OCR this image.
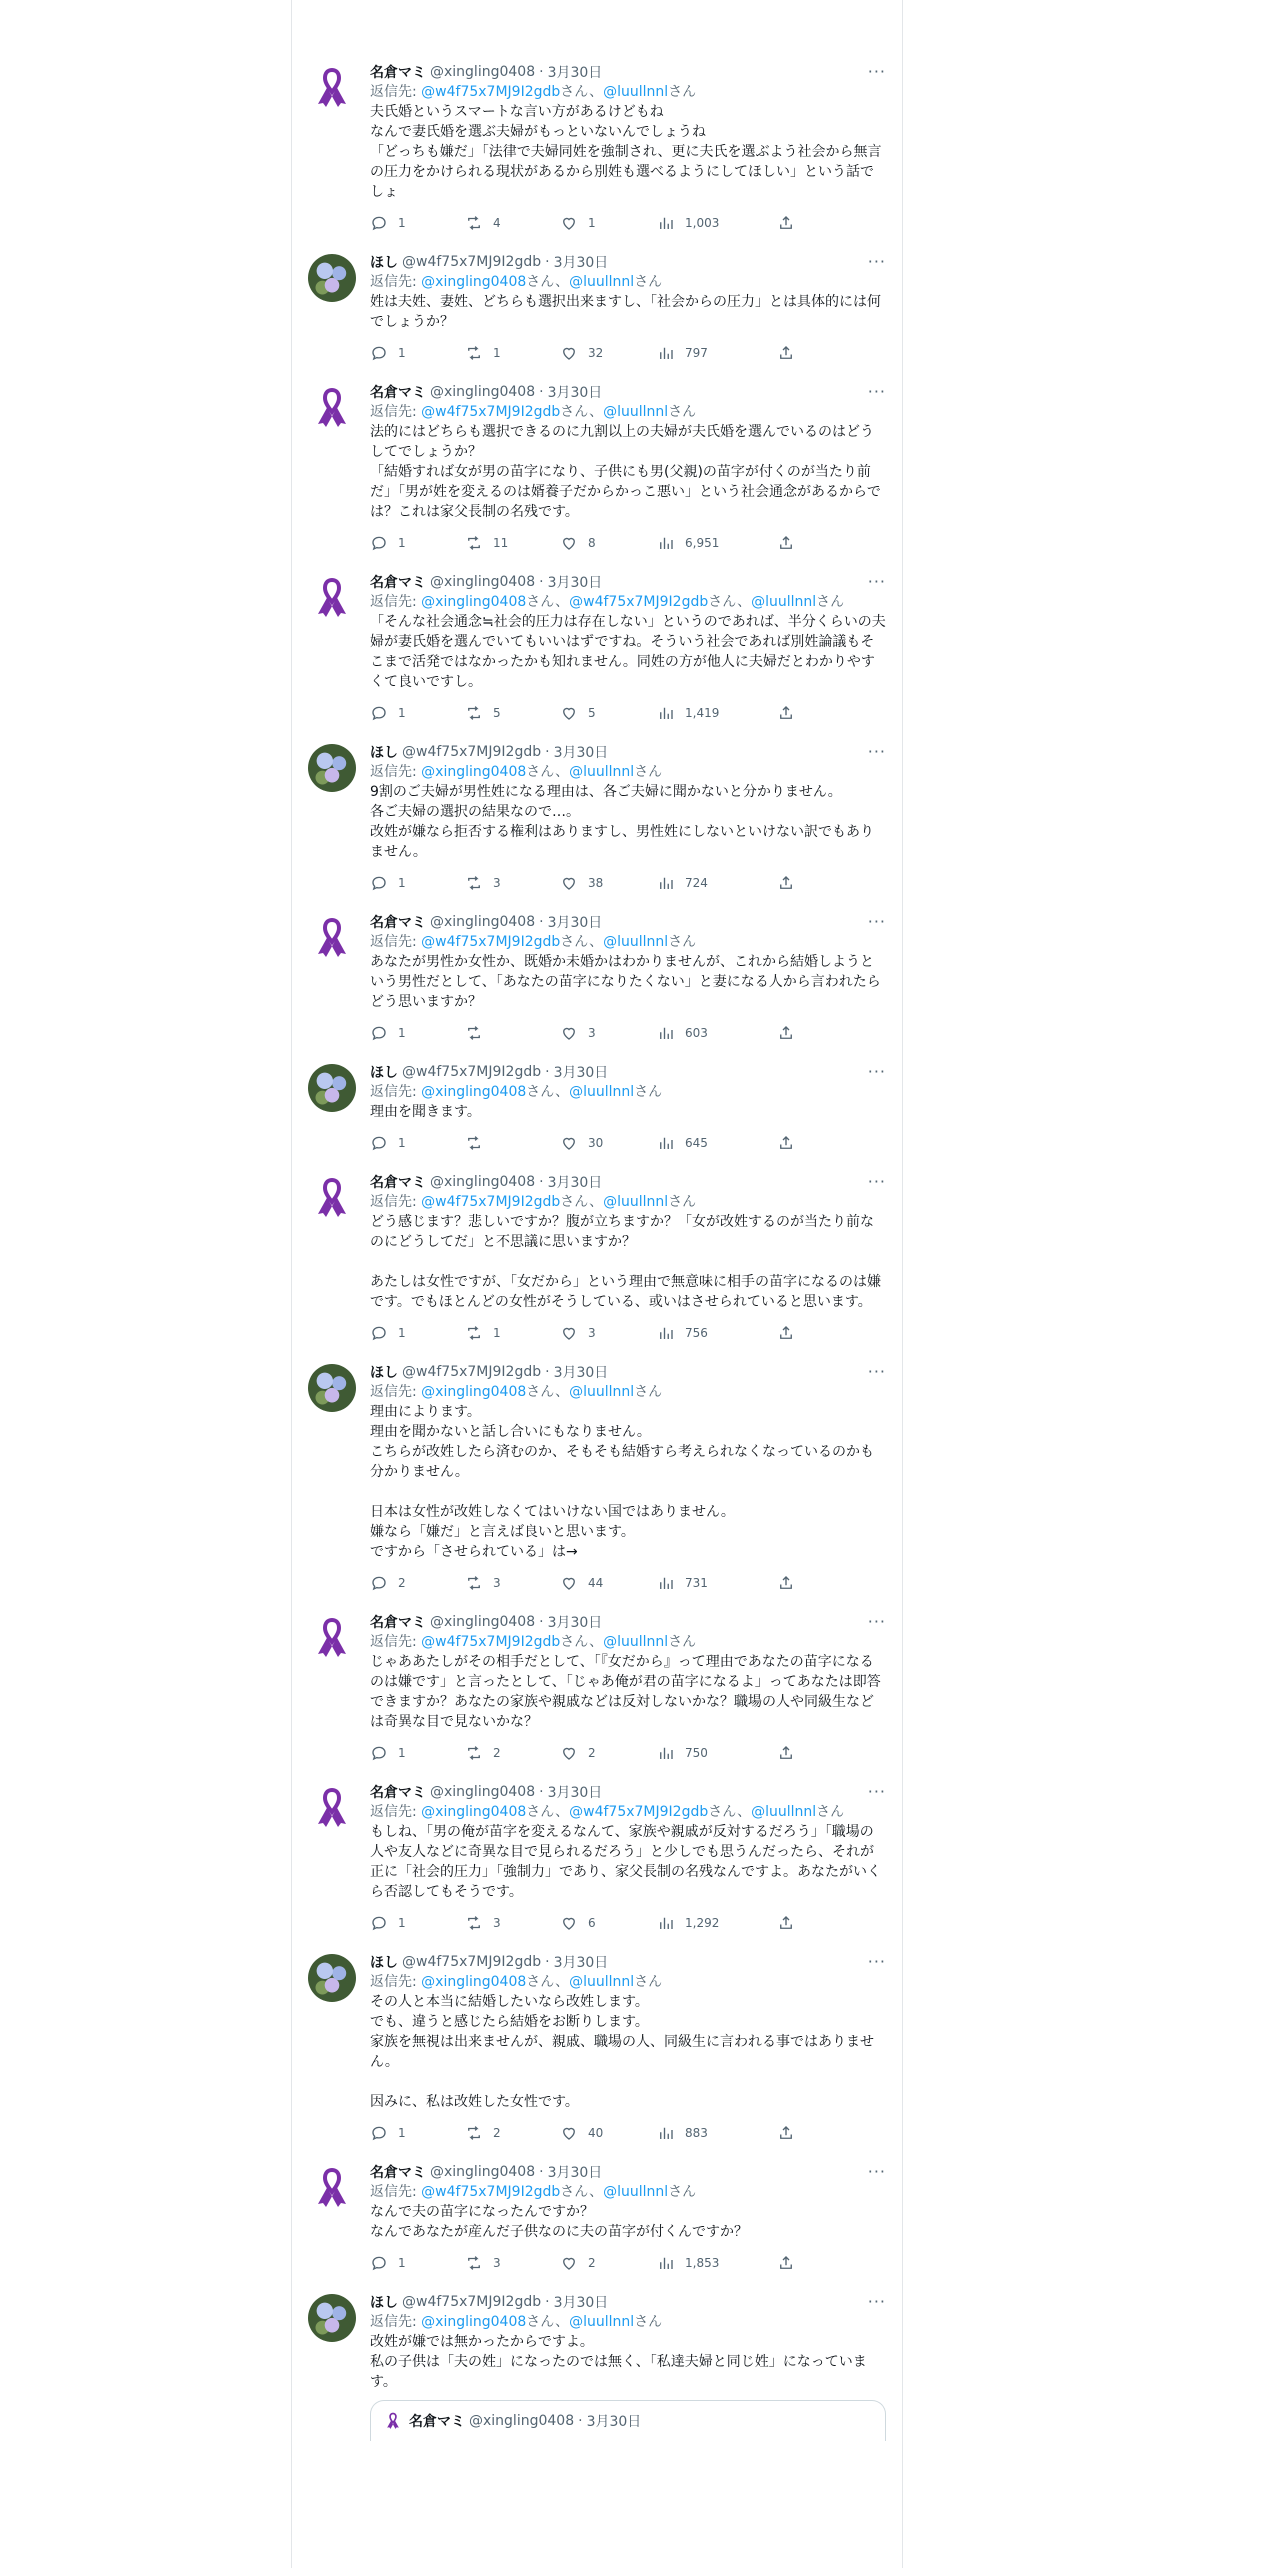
···
名倉マミ @xingling0408 · 3月30日
返信先: @w4f75x7MJ9I2gdbさん、@luullnnlさん

夫氏婚というスマートな言い方があるけどもね
なんで妻氏婚を選ぶ夫婦がもっといないんでしょうね
「どっちも嫌だ」「法律で夫婦同姓を強制され、更に夫氏を選ぶよう社会から無言の圧力をかけられる現状があるから別姓も選べるようにしてほしい」という話でしょ

1	4	1	1,003
···
ほし @w4f75x7MJ9I2gdb · 3月30日
返信先: @xingling0408さん、@luullnnlさん

姓は夫姓、妻姓、どちらも選択出来ますし、「社会からの圧力」とは具体的には何でしょうか？

1	1	32	797
···
名倉マミ @xingling0408 · 3月30日
返信先: @w4f75x7MJ9I2gdbさん、@luullnnlさん

法的にはどちらも選択できるのに九割以上の夫婦が夫氏婚を選んでいるのはどうしてでしょうか？
「結婚すれば女が男の苗字になり、子供にも男(父親)の苗字が付くのが当たり前だ」「男が姓を変えるのは婿養子だからかっこ悪い」という社会通念があるからでは？これは家父長制の名残です。

1	11	8	6,951
···
名倉マミ @xingling0408 · 3月30日
返信先: @xingling0408さん、@w4f75x7MJ9I2gdbさん、@luullnnlさん

「そんな社会通念≒社会的圧力は存在しない」というのであれば、半分くらいの夫婦が妻氏婚を選んでいてもいいはずですね。そういう社会であれば別姓論議もそこまで活発ではなかったかも知れません。同姓の方が他人に夫婦だとわかりやすくて良いですし。

1	5	5	1,419
···
ほし @w4f75x7MJ9I2gdb · 3月30日
返信先: @xingling0408さん、@luullnnlさん

9割のご夫婦が男性姓になる理由は、各ご夫婦に聞かないと分かりません。
各ご夫婦の選択の結果なので…。
改姓が嫌なら拒否する権利はありますし、男性姓にしないといけない訳でもありません。

1	3	38	724
···
名倉マミ @xingling0408 · 3月30日
返信先: @w4f75x7MJ9I2gdbさん、@luullnnlさん

あなたが男性か女性か、既婚か未婚かはわかりませんが、これから結婚しようという男性だとして、「あなたの苗字になりたくない」と妻になる人から言われたらどう思いますか？

1	3	603
···
ほし @w4f75x7MJ9I2gdb · 3月30日
返信先: @xingling0408さん、@luullnnlさん

理由を聞きます。

1	30	645
···
名倉マミ @xingling0408 · 3月30日
返信先: @w4f75x7MJ9I2gdbさん、@luullnnlさん

どう感じます？悲しいですか？腹が立ちますか？「女が改姓するのが当たり前なのにどうしてだ」と不思議に思いますか？

あたしは女性ですが、「女だから」という理由で無意味に相手の苗字になるのは嫌です。でもほとんどの女性がそうしている、或いはさせられていると思います。

1	1	3	756
···
ほし @w4f75x7MJ9I2gdb · 3月30日
返信先: @xingling0408さん、@luullnnlさん

理由によります。
理由を聞かないと話し合いにもなりません。
こちらが改姓したら済むのか、そもそも結婚すら考えられなくなっているのかも分かりません。

日本は女性が改姓しなくてはいけない国ではありません。
嫌なら「嫌だ」と言えば良いと思います。
ですから「させられている」は→

2	3	44	731
···
名倉マミ @xingling0408 · 3月30日
返信先: @w4f75x7MJ9I2gdbさん、@luullnnlさん

じゃああたしがその相手だとして、「『女だから』って理由であなたの苗字になるのは嫌です」と言ったとして、「じゃあ俺が君の苗字になるよ」ってあなたは即答できますか？あなたの家族や親戚などは反対しないかな？職場の人や同級生などは奇異な目で見ないかな？

1	2	2	750
···
名倉マミ @xingling0408 · 3月30日
返信先: @xingling0408さん、@w4f75x7MJ9I2gdbさん、@luullnnlさん

もしね、「男の俺が苗字を変えるなんて、家族や親戚が反対するだろう」「職場の人や友人などに奇異な目で見られるだろう」と少しでも思うんだったら、それが正に「社会的圧力」「強制力」であり、家父長制の名残なんですよ。あなたがいくら否認してもそうです。

1	3	6	1,292
···
ほし @w4f75x7MJ9I2gdb · 3月30日
返信先: @xingling0408さん、@luullnnlさん

その人と本当に結婚したいなら改姓します。
でも、違うと感じたら結婚をお断りします。
家族を無視は出来ませんが、親戚、職場の人、同級生に言われる事ではありません。

因みに、私は改姓した女性です。

1	2	40	883
···
名倉マミ @xingling0408 · 3月30日
返信先: @w4f75x7MJ9I2gdbさん、@luullnnlさん

なんで夫の苗字になったんですか？
なんであなたが産んだ子供なのに夫の苗字が付くんですか？

1	3	2	1,853
···
ほし @w4f75x7MJ9I2gdb · 3月30日
返信先: @xingling0408さん、@luullnnlさん

改姓が嫌では無かったからですよ。
私の子供は「夫の姓」になったのでは無く、「私達夫婦と同じ姓」になっています。

名倉マミ @xingling0408 · 3月30日
